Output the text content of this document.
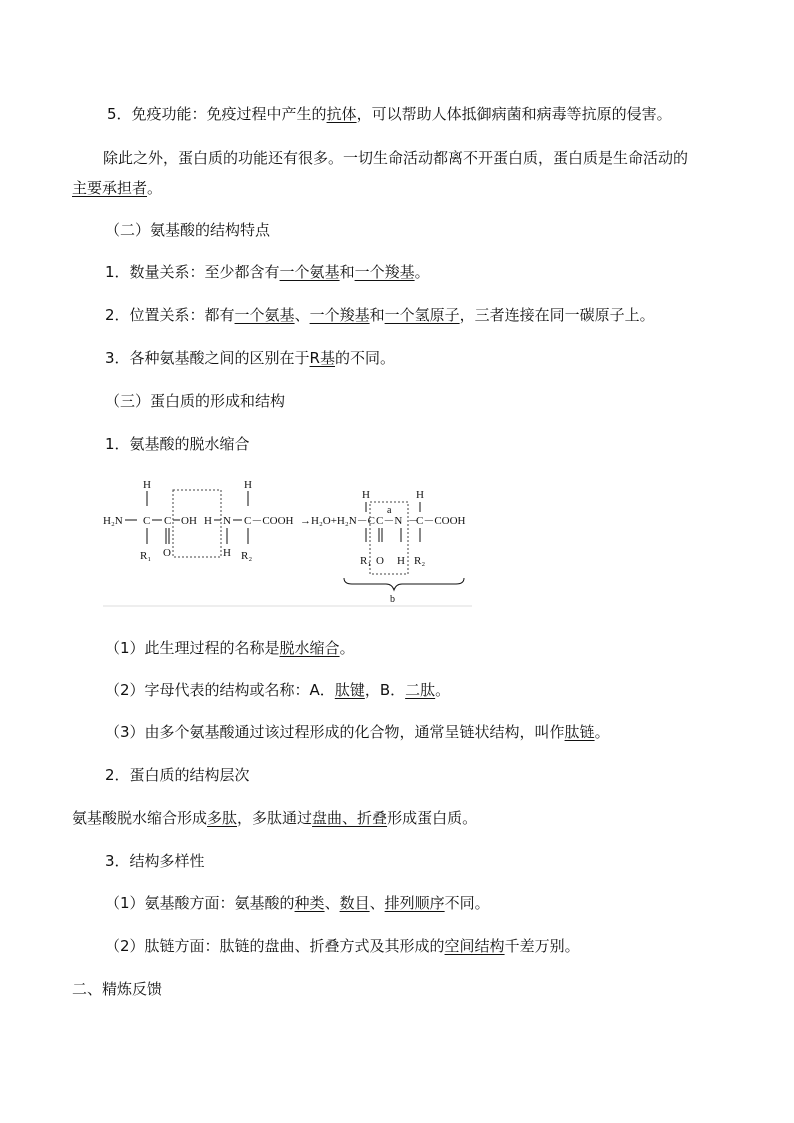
5．免疫功能：免疫过程中产生的抗体，可以帮助人体抵御病菌和病毒等抗原的侵害。
除此之外，蛋白质的功能还有很多。一切生命活动都离不开蛋白质，蛋白质是生命活动的
主要承担者。
（二）氨基酸的结构特点
1．数量关系：至少都含有一个氨基和一个羧基。
2．位置关系：都有一个氨基、一个羧基和一个氢原子，三者连接在同一碳原子上。
3．各种氨基酸之间的区别在于R基的不同。
（三）蛋白质的形成和结构
1．氨基酸的脱水缩合
H
H₂N C C OH
O
R₁
H N
H
H
C－COOH
R₂
→H₂O+H₂N－C
H
C－N
a
O H
R₁
－
H
C－COOH
R₂
b
（1）此生理过程的名称是脱水缩合。
（2）字母代表的结构或名称：A．肽键，B．二肽。
（3）由多个氨基酸通过该过程形成的化合物，通常呈链状结构，叫作肽链。
2．蛋白质的结构层次
氨基酸脱水缩合形成多肽，多肽通过盘曲、折叠形成蛋白质。
3．结构多样性
（1）氨基酸方面：氨基酸的种类、数目、排列顺序不同。
（2）肽链方面：肽链的盘曲、折叠方式及其形成的空间结构千差万别。
二、精炼反馈
